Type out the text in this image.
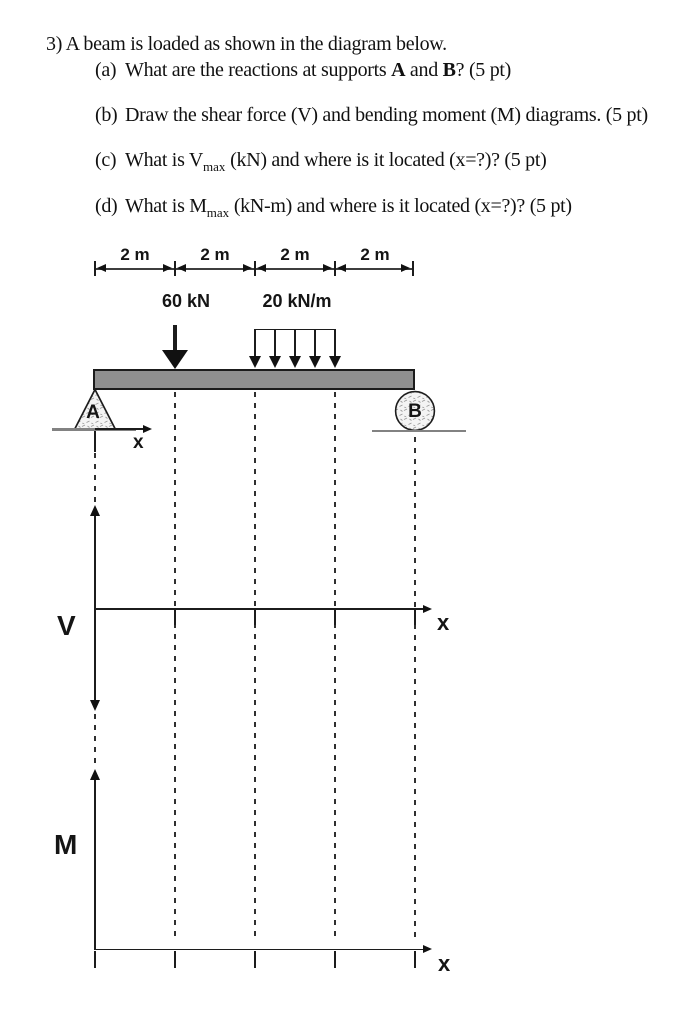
3) A beam is loaded as shown in the diagram below.
(a) What are the reactions at supports A and B? (5 pt)
(b) Draw the shear force (V) and bending moment (M) diagrams. (5 pt)
(c) What is $V_{max}$ (kN) and where is it located (x=?)? (5 pt)
(d) What is $M_{max}$ (kN-m) and where is it located (x=?)? (5 pt)
2 m	2 m	2 m	2 m
60 kN	20 kN/m
A	B
x
V	x
M
x
